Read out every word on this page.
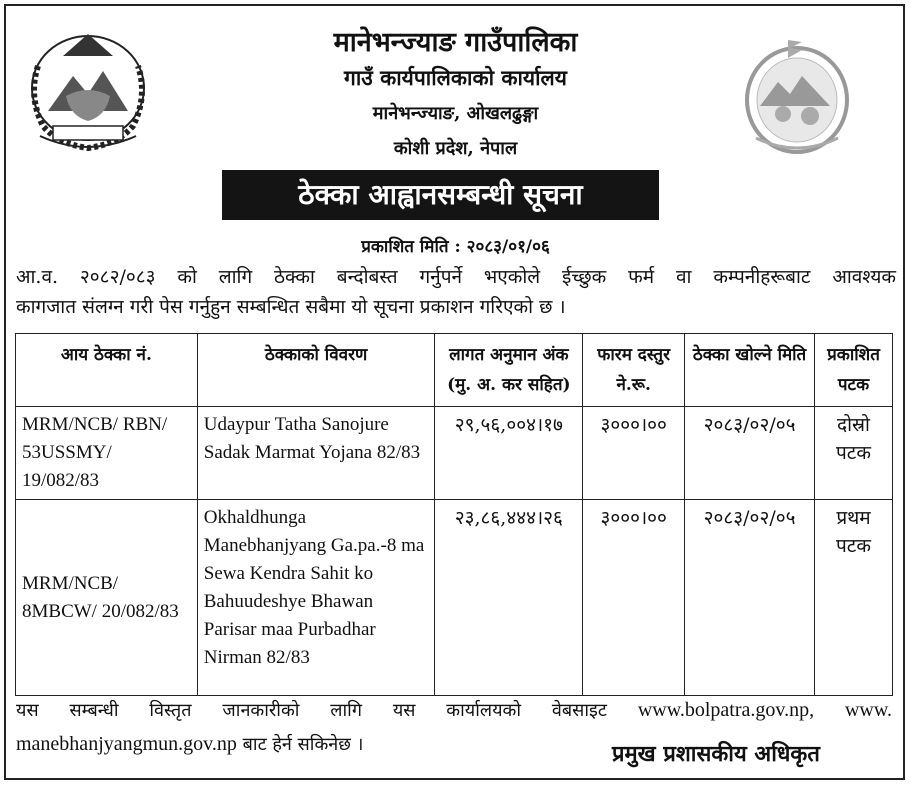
मानेभन्ज्याङ गाउँपालिका
गाउँ कार्यपालिकाको कार्यालय
मानेभन्ज्याङ, ओखलढुङ्गा
कोशी प्रदेश, नेपाल
ठेक्का आह्वानसम्बन्धी सूचना
प्रकाशित मिति : २०८३/०१/०६
आ.व. २०८२/०८३ को लागि ठेक्का बन्दोबस्त गर्नुपर्ने भएकोले ईच्छुक फर्म वा कम्पनीहरूबाट आवश्यक
कागजात संलग्न गरी पेस गर्नुहुन सम्बन्धित सबैमा यो सूचना प्रकाशन गरिएको छ ।
आय ठेक्का नं.	ठेक्काको विवरण	लागत अनुमान अंक (मु. अ. कर सहित)	फारम दस्तुर ने.रू.	ठेक्का खोल्ने मिति	प्रकाशित पटक
MRM/NCB/ RBN/ 53USSMY/ 19/082/83	Udaypur Tatha Sanojure Sadak Marmat Yojana 82/83	२९,५६,००४।१७	३०००।००	२०८३/०२/०५	दोस्रो पटक
MRM/NCB/ 8MBCW/ 20/082/83	Okhaldhunga Manebhanjyang Ga.pa.-8 ma Sewa Kendra Sahit ko Bahuudeshye Bhawan Parisar maa Purbadhar Nirman 82/83	२३,८६,४४४।२६	३०००।००	२०८३/०२/०५	प्रथम पटक
यस सम्बन्धी विस्तृत जानकारीको लागि यस कार्यालयको वेबसाइट www.bolpatra.gov.np, www.
manebhanjyangmun.gov.np बाट हेर्न सकिनेछ ।	प्रमुख प्रशासकीय अधिकृत
